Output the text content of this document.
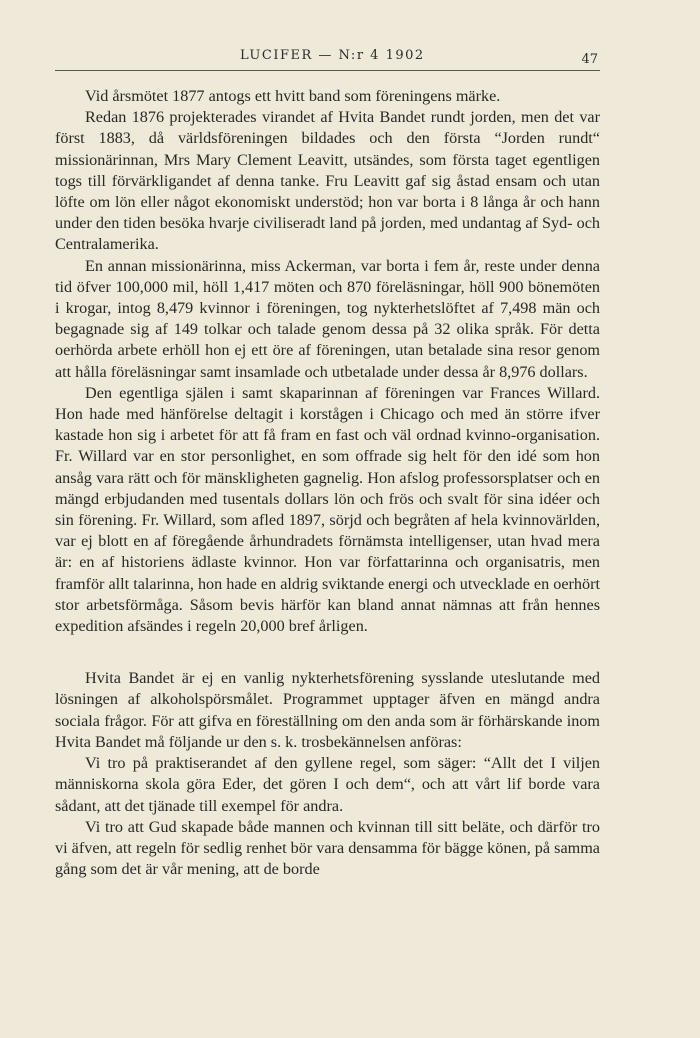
LUCIFER — N:r 4 1902	47

Vid årsmötet 1877 antogs ett hvitt band som föreningens märke.

Redan 1876 projekterades virandet af Hvita Bandet rundt jorden, men det var först 1883, då världsföreningen bildades och den första “Jorden rundt“ missionärinnan, Mrs Mary Clement Leavitt, utsändes, som första taget egentligen togs till förvärkligandet af denna tanke. Fru Leavitt gaf sig åstad ensam och utan löfte om lön eller något ekonomiskt understöd; hon var borta i 8 långa år och hann under den tiden besöka hvarje civiliseradt land på jorden, med undantag af Syd- och Centralamerika.

En annan missionärinna, miss Ackerman, var borta i fem år, reste under denna tid öfver 100,000 mil, höll 1,417 möten och 870 föreläsningar, höll 900 bönemöten i krogar, intog 8,479 kvinnor i föreningen, tog nykterhetslöftet af 7,498 män och begagnade sig af 149 tolkar och talade genom dessa på 32 olika språk. För detta oerhörda arbete erhöll hon ej ett öre af föreningen, utan betalade sina resor genom att hålla föreläsningar samt insamlade och utbetalade under dessa år 8,976 dollars.

Den egentliga själen i samt skaparinnan af föreningen var Frances Willard. Hon hade med hänförelse deltagit i korstågen i Chicago och med än större ifver kastade hon sig i arbetet för att få fram en fast och väl ordnad kvinno-organisation. Fr. Willard var en stor personlighet, en som offrade sig helt för den idé som hon ansåg vara rätt och för mänskligheten gagnelig. Hon afslog professorsplatser och en mängd erbjudanden med tusentals dollars lön och frös och svalt för sina idéer och sin förening. Fr. Willard, som afled 1897, sörjd och begråten af hela kvinnovärlden, var ej blott en af föregående århundradets förnämsta intelligenser, utan hvad mera är: en af historiens ädlaste kvinnor. Hon var författarinna och organisatris, men framför allt talarinna, hon hade en aldrig sviktande energi och utvecklade en oerhört stor arbetsförmåga. Såsom bevis härför kan bland annat nämnas att från hennes expedition afsändes i regeln 20,000 bref årligen.

Hvita Bandet är ej en vanlig nykterhetsförening sysslande uteslutande med lösningen af alkoholspörsmålet. Programmet upptager äfven en mängd andra sociala frågor. För att gifva en föreställning om den anda som är förhärskande inom Hvita Bandet må följande ur den s. k. trosbekännelsen anföras:

Vi tro på praktiserandet af den gyllene regel, som säger: “Allt det I viljen människorna skola göra Eder, det gören I och dem“, och att vårt lif borde vara sådant, att det tjänade till exempel för andra.

Vi tro att Gud skapade både mannen och kvinnan till sitt beläte, och därför tro vi äfven, att regeln för sedlig renhet bör vara densamma för bägge könen, på samma gång som det är vår mening, att de borde
